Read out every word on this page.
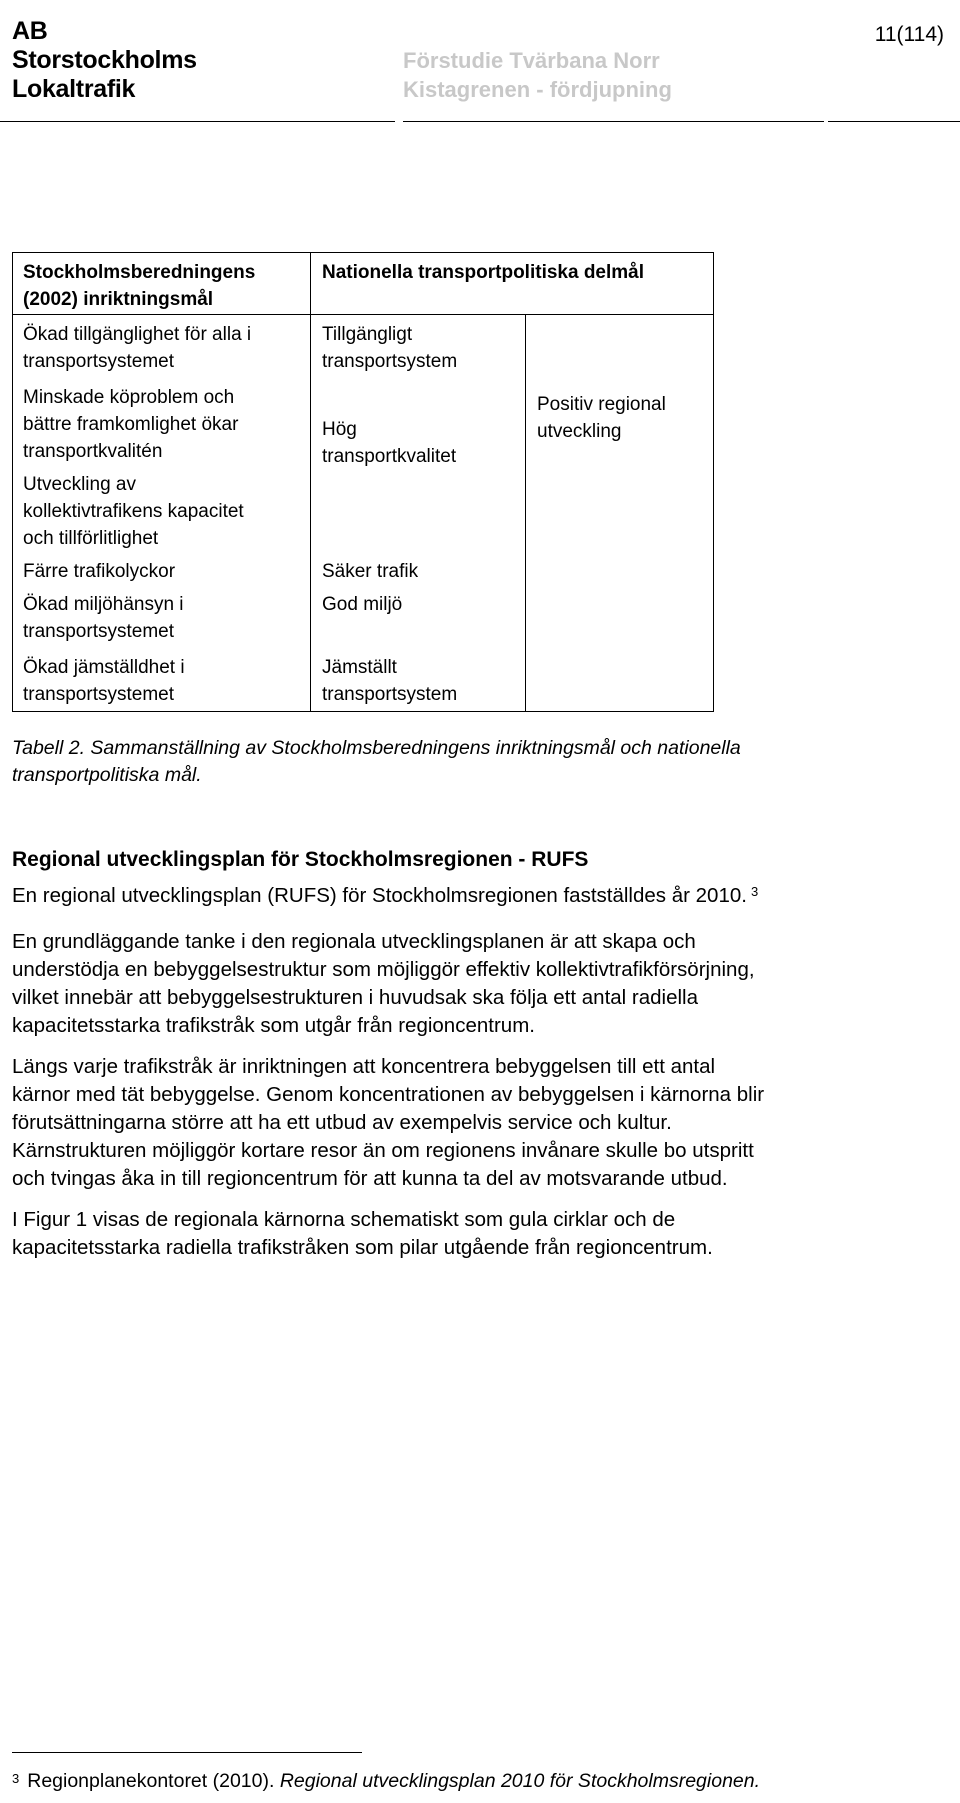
AB
Storstockholms
Lokaltrafik
Förstudie Tvärbana Norr
Kistagrenen - fördjupning
11(114)
Stockholmsberedningens
(2002) inriktningsmål
Nationella transportpolitiska delmål
Ökad tillgänglighet för alla i
transportsystemet
Minskade köproblem och
bättre framkomlighet ökar
transportkvalitén
Utveckling av
kollektivtrafikens kapacitet
och tillförlitlighet
Färre trafikolyckor
Ökad miljöhänsyn i
transportsystemet
Ökad jämställdhet i
transportsystemet
Tillgängligt
transportsystem
Hög
transportkvalitet
Säker trafik
God miljö
Jämställt
transportsystem
Positiv regional
utveckling
Tabell 2. Sammanställning av Stockholmsberedningens inriktningsmål och nationella
transportpolitiska mål.
Regional utvecklingsplan för Stockholmsregionen - RUFS
En regional utvecklingsplan (RUFS) för Stockholmsregionen fastställdes år 2010. $^3$
En grundläggande tanke i den regionala utvecklingsplanen är att skapa och
understödja en bebyggelsestruktur som möjliggör effektiv kollektivtrafikförsörjning,
vilket innebär att bebyggelsestrukturen i huvudsak ska följa ett antal radiella
kapacitetsstarka trafikstråk som utgår från regioncentrum.
Längs varje trafikstråk är inriktningen att koncentrera bebyggelsen till ett antal
kärnor med tät bebyggelse. Genom koncentrationen av bebyggelsen i kärnorna blir
förutsättningarna större att ha ett utbud av exempelvis service och kultur.
Kärnstrukturen möjliggör kortare resor än om regionens invånare skulle bo utspritt
och tvingas åka in till regioncentrum för att kunna ta del av motsvarande utbud.
I Figur 1 visas de regionala kärnorna schematiskt som gula cirklar och de
kapacitetsstarka radiella trafikstråken som pilar utgående från regioncentrum.
$^3$ Regionplanekontoret (2010). Regional utvecklingsplan 2010 för Stockholmsregionen.
